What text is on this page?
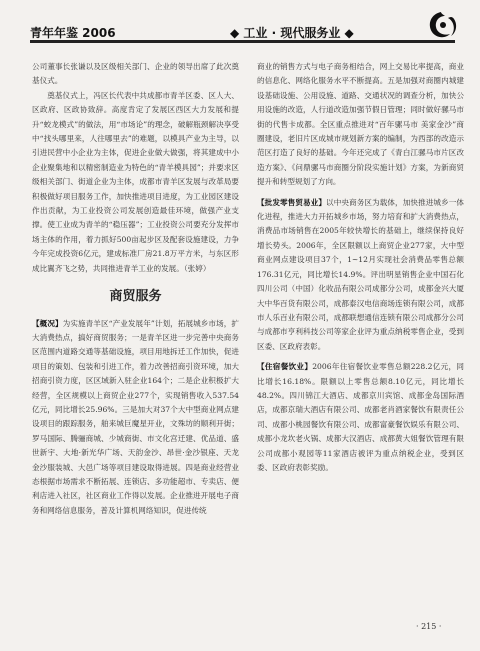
青年年鉴 2006	◆ 工业 · 现代服务业 ◆

公司董事长张谦以及区级相关部门、企业的领导出席了此次奠基仪式。

奠基仪式上，冯区长代表中共成都市青羊区委、区人大、区政府、区政协致辞。高度肯定了发展区西区大力发展和提升“蛟龙模式”的做法，用“市场论”的理念，破解瓶颈解决享受中“找头哪里来，人往哪里去”的难题，以模具产业为主导，以引进民营中小企业为主体，促进企业做大做强，将其建成中小企业聚集地和以精密制造业为特色的“青羊模具园”；并要求区级相关部门、街道企业为主体，成都市青羊区发展与改革局要积极做好项目服务工作，加快推进项目进度，为工业园区建设作出贡献，为工业投资公司发展创造最佳环境，做强产业支撑。使工业成为青羊的“稳压器”；工业投资公司要充分发挥市场主体的作用，着力抓好500亩起步区及配套设施建设，力争今年完成投资6亿元，建成标准厂房21.8万平方米，与东区形成比翼齐飞之势，共同推进青羊工业的发展。（张婷）

商贸服务

【概况】为实施青羊区“产业发展年”计划，拓展城乡市场，扩大消费热点，搞好商贸服务；一是青羊区进一步完善中央商务区范围内道路交通等基础设施，项目用地拆迁工作加快，促进项目的策划、包装和引进工作，着力改善招商引资环境，加大招商引资力度，区区域新入驻企业164个；二是企业积极扩大经营，全区规模以上商贸企业277个，实现销售收入537.54亿元，同比增长25.96%。三是加大对37个大中型商业网点建设项目的跟踪服务，舶来城巨魔星开业，文殊坊的顺利开街；罗马国际、腾骊商城、少城商街、市文化宫迁建、优品道、盛世新宇、大地·新光华广场、天韵金沙、昂世·金沙银座、天龙金沙服装城、大邑广场等项目建设取得进展。四是商业经营业态根据市场需求不断拓展、连锁店、多功能超市、专卖店、便利店进入社区，社区商业工作得以发展。企业推进开展电子商务和网络信息服务，普及计算机网络知识，促进传统

商业的销售方式与电子商务相结合，网上交易比率提高，商业的信息化、网络化服务水平不断提高。五是加强对商圈内城建设基础设施、公用设施、道路、交通状况的调查分析，加快公用设施的改造，人行道改造加强节假日管理；同时做好骡马市街的代售卡成都。全区重点推进对“百年骡马市 美家金沙”商圈建设，老旧片区成城市规划新方案的编制，为西部的改造示范区打造了良好的基础。今年还完成了《青白江骡马市片区改造方案》、《问鼎骡马市商圈分阶段实施计划》方案，为新商贸提升和转型规划了方向。

【批发零售贸易业】以中央商务区为载体，加快推进城乡一体化进程，推进大力开拓城乡市场，努力培育和扩大消费热点，消费品市场销售在2005年较快增长的基础上，继续保持良好增长势头。2006年，全区限额以上商贸企业277家，大中型商业网点建设项目37个，1~12月实现社会消费品零售总额176.31亿元，同比增长14.9%。评出明星销售企业中国石化四川公司（中国）化收品有限公司成都分公司，成都金兴大厦大中华百货有限公司，成都泰汉电信商场连锁有限公司，成都市人乐百业有限公司，成都联想通信连锁有限公司成都分公司与成都市亨利科技公司等家企业评为重点纳税零售企业，受到区委、区政府表彰。

【住宿餐饮业】2006年住宿餐饮业零售总额228.2亿元，同比增长16.18%。限额以上零售总额8.10亿元，同比增长48.2%。四川锦江大酒店、成都京川宾馆、成都金岛国际酒店，成都京瑞大酒店有限公司、成都老肖酒家餐饮有限责任公司、成都小桃园餐饮有限公司、成都富豪餐饮娱乐有限公司、成都小龙坎老火锅、成都大汉酒店、成都黄大姐餐饮管理有限公司成都小观园等11家酒店被评为重点纳税企业，受到区委、区政府表彰奖励。

· 215 ·
